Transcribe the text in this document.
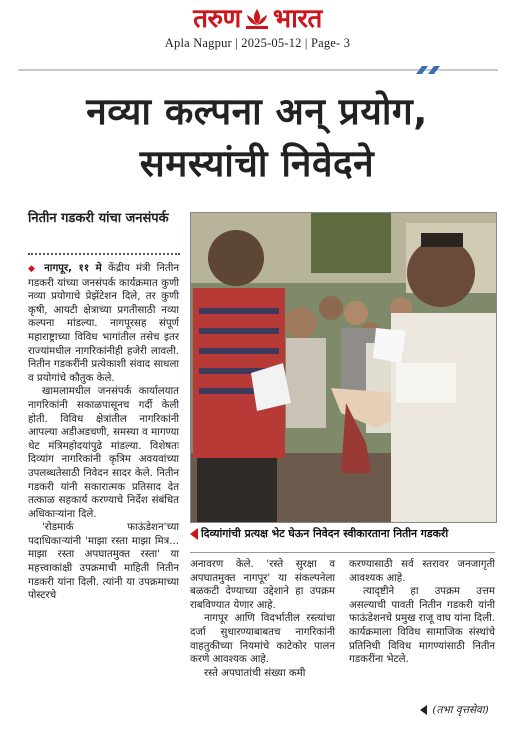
तरुण भारत
Apla Nagpur | 2025-05-12 | Page- 3
नव्या कल्पना अन् प्रयोग,
समस्यांची निवेदने
नितीन गडकरी यांचा जनसंपर्क

◆ नागपूर, ११ मे केंद्रीय मंत्री नितीन गडकरी यांच्या जनसंपर्क कार्यक्रमात कुणी नव्या प्रयोगाचे प्रेझेंटेशन दिले, तर कुणी कृषी, आयटी क्षेत्राच्या प्रगतीसाठी नव्या कल्पना मांडल्या. नागपूरसह संपूर्ण महाराष्ट्राच्या विविध भागांतील तसेच इतर राज्यांमधील नागरिकांनीही हजेरी लावली. नितीन गडकरींनी प्रत्येकाशी संवाद साधला व प्रयोगांचे कौतुक केले.

खामलामधील जनसंपर्क कार्यालयात नागरिकांनी सकाळपासूनच गर्दी केली होती. विविध क्षेत्रांतील नागरिकांनी आपल्या अडीअडचणी, समस्या व मागण्या थेट मंत्रिमहोदयांपुढे मांडल्या. विशेषतः दिव्यांग नागरिकांनी कृत्रिम अवयवांच्या उपलब्धतेसाठी निवेदन सादर केले. नितीन गडकरी यांनी सकारात्मक प्रतिसाद देत तत्काळ सहकार्य करण्याचे निर्देश संबंधित अधिकाऱ्यांना दिले.

'रोडमार्क फाऊंडेशन'च्या पदाधिकाऱ्यांनी 'माझा रस्ता माझा मित्र... माझा रस्ता अपघातमुक्त रस्ता' या महत्त्वाकांक्षी उपक्रमाची माहिती नितीन गडकरी यांना दिली. त्यांनी या उपक्रमाच्या पोस्टरचे

दिव्यांगांची प्रत्यक्ष भेट घेऊन निवेदन स्वीकारताना नितीन गडकरी

अनावरण केले. 'रस्ते सुरक्षा व अपघातमुक्त नागपूर' या संकल्पनेला बळकटी देण्याच्या उद्देशाने हा उपक्रम राबविण्यात येणार आहे.

नागपूर आणि विदर्भातील रस्त्यांचा दर्जा सुधारण्याबाबतच नागरिकांनी वाहतुकीच्या नियमांचे काटेकोर पालन करणे आवश्यक आहे.

रस्ते अपघातांची संख्या कमी

करण्यासाठी सर्व स्तरावर जनजागृती आवश्यक आहे.

त्यादृष्टीने हा उपक्रम उत्तम असल्याची पावती नितीन गडकरी यांनी फाऊंडेशनचे प्रमुख राजू वाघ यांना दिली. कार्यक्रमाला विविध सामाजिक संस्थांचे प्रतिनिधी विविध मागण्यांसाठी नितीन गडकरींना भेटले.

(तभा वृत्तसेवा)
